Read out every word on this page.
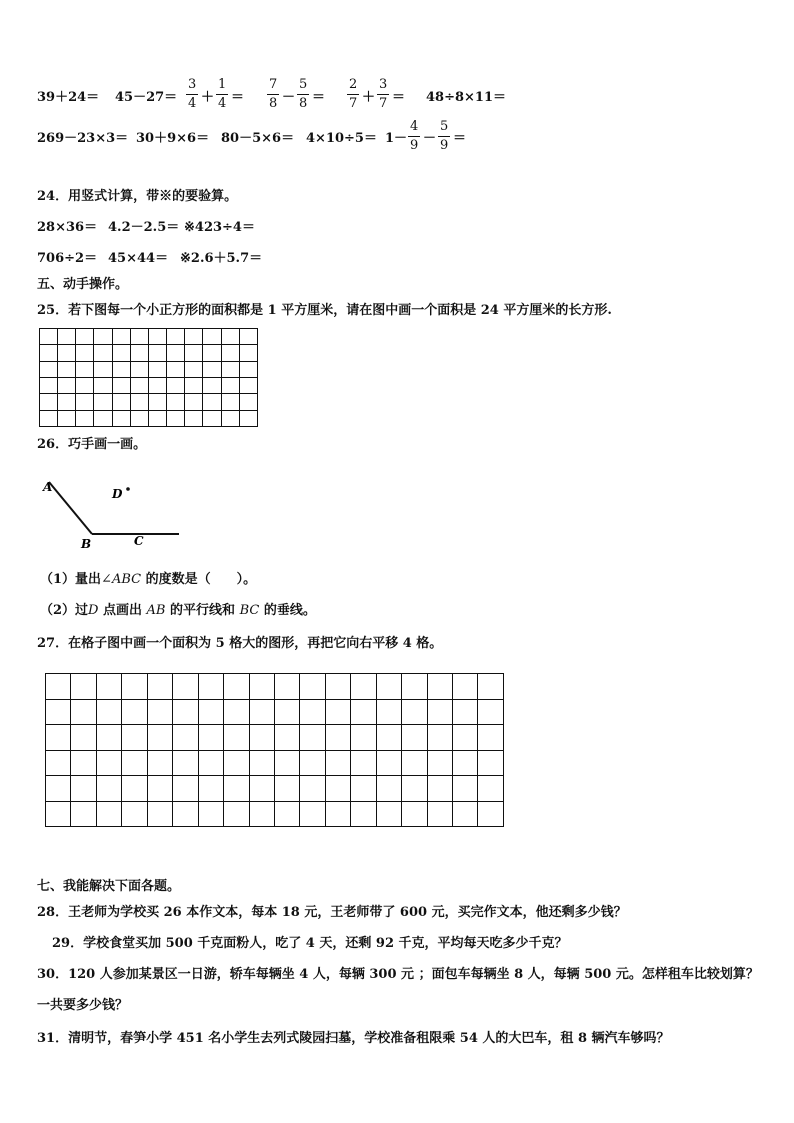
39＋24＝ 45－27＝
3
4 ＋
1
4 ＝
7
8 －
5
8 ＝
2
7 ＋
3
7 ＝ 48÷8×11＝
269－23×3＝ 30＋9×6＝ 80－5×6＝ 4×10÷5＝ 1－
4
9 －
5
9 ＝
24．用竖式计算，带※的要验算。
28×36＝ 4.2－2.5＝ ※423÷4＝
706÷2＝ 45×44＝ ※2.6＋5.7＝
五、动手操作。
25．若下图每一个小正方形的面积都是 1 平方厘米，请在图中画一个面积是 24 平方厘米的长方形.

26．巧手画一画。
A
B	C
D
（1）量出∠ABC 的度数是（　　）。
（2）过D 点画出 AB 的平行线和 BC 的垂线。
27．在格子图中画一个面积为 5 格大的图形，再把它向右平移 4 格。

七、我能解决下面各题。
28．王老师为学校买 26 本作文本，每本 18 元，王老师带了 600 元，买完作文本，他还剩多少钱？
29．学校食堂买加 500 千克面粉人，吃了 4 天，还剩 92 千克，平均每天吃多少千克？
30．120 人参加某景区一日游，轿车每辆坐 4 人，每辆 300 元 ；面包车每辆坐 8 人，每辆 500 元。怎样租车比较划算？
一共要多少钱？
31．清明节，春笋小学 451 名小学生去列式陵园扫墓，学校准备租限乘 54 人的大巴车，租 8 辆汽车够吗？
